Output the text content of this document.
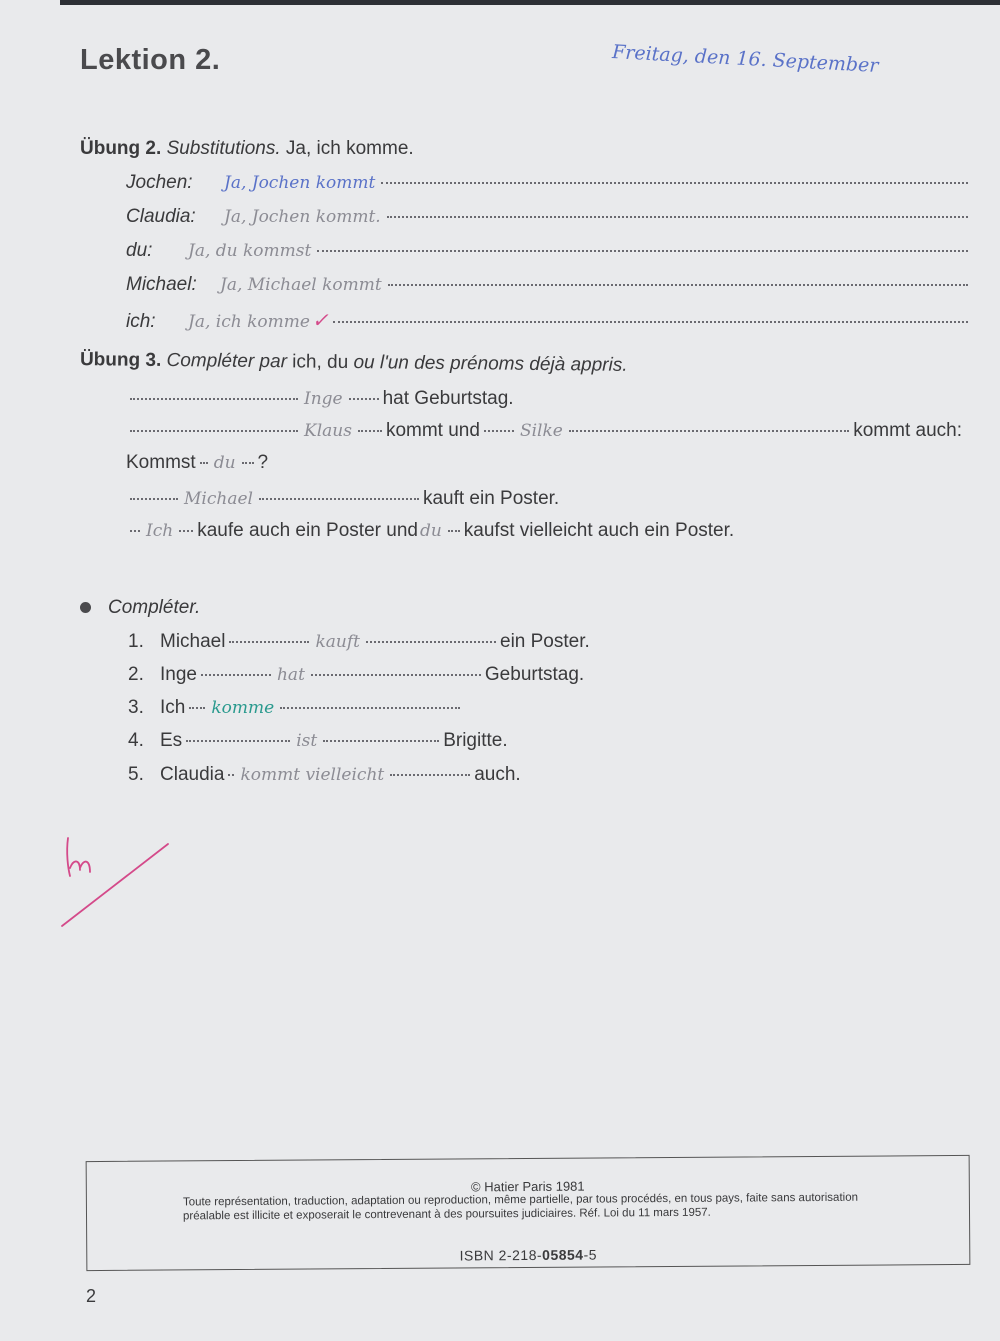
Lektion 2.	Freitag, den 16. September
Übung 2. Substitutions. Ja, ich komme.
Jochen:	Ja, Jochen kommt
Claudia:	Ja, Jochen kommt.
du:	Ja, du kommst
Michael:	Ja, Michael kommt
ich:	Ja, ich komme ✓
Übung 3. Compléter par ich, du ou l'un des prénoms déjà appris.
Inge hat Geburtstag.
Klaus kommt und Silke	kommt auch:
Kommst du ?
Michael	kauft ein Poster.
Ich kaufe auch ein Poster und du kaufst vielleicht auch ein Poster.
Compléter.
1. Michael	kauft	ein Poster.
2. Inge	hat	Geburtstag.
3. Ich komme
4. Es	ist	Brigitte.
5. Claudia kommt vielleicht	auch.
© Hatier Paris 1981
Toute représentation, traduction, adaptation ou reproduction, même partielle, par tous procédés, en tous pays, faite sans autorisation préalable est illicite et exposerait le contrevenant à des poursuites judiciaires. Réf. Loi du 11 mars 1957.
ISBN 2-218-05854-5
2
